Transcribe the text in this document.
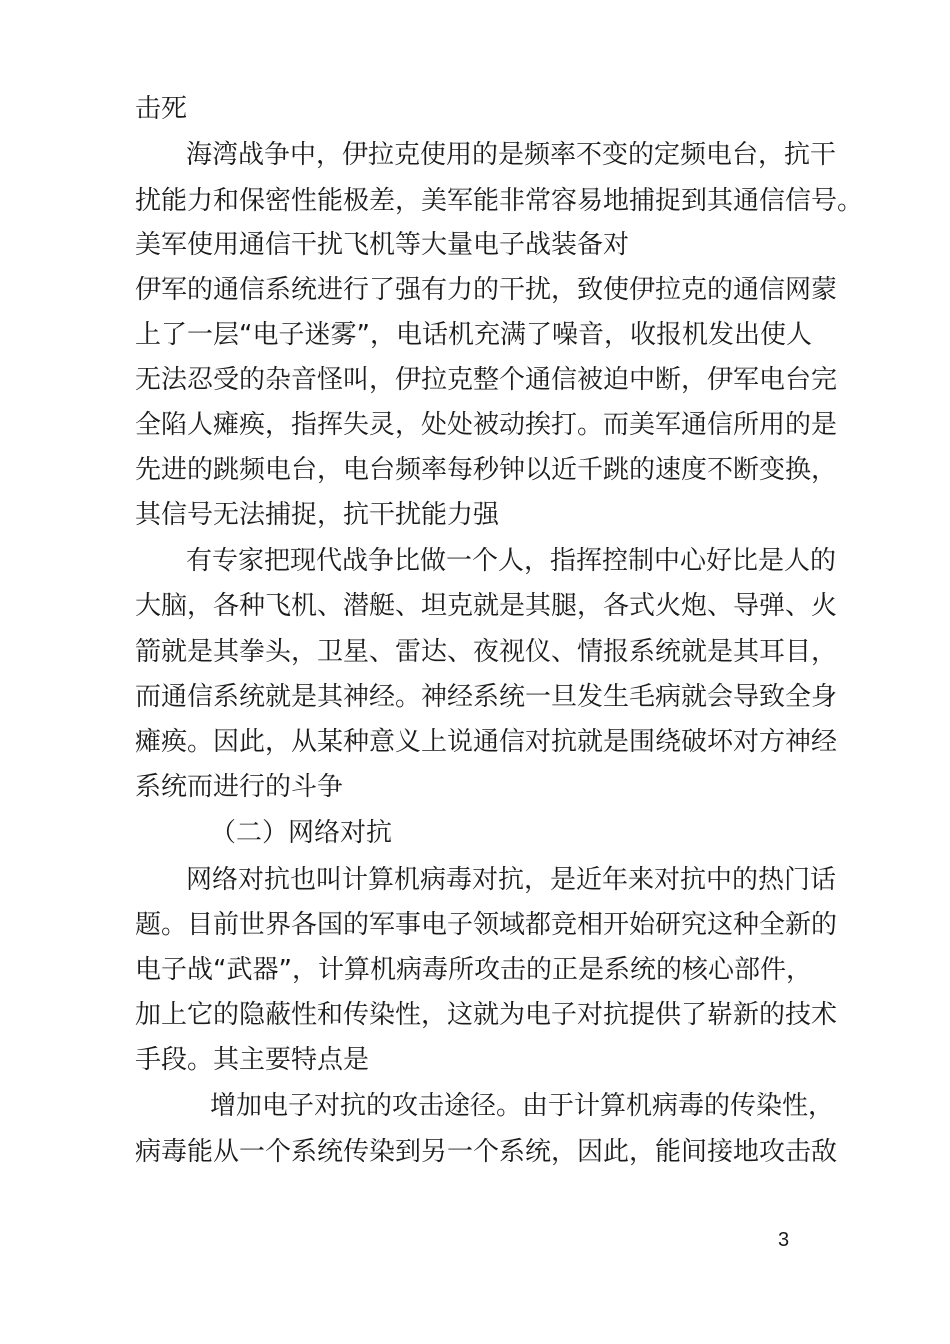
击死
海湾战争中，伊拉克使用的是频率不变的定频电台，抗干
扰能力和保密性能极差，美军能非常容易地捕捉到其通信信号。
美军使用通信干扰飞机等大量电子战装备对
伊军的通信系统进行了强有力的干扰，致使伊拉克的通信网蒙
上了一层“电子迷雾”，电话机充满了噪音，收报机发出使人
无法忍受的杂音怪叫，伊拉克整个通信被迫中断，伊军电台完
全陷人瘫痪，指挥失灵，处处被动挨打。而美军通信所用的是
先进的跳频电台，电台频率每秒钟以近千跳的速度不断变换，
其信号无法捕捉，抗干扰能力强
有专家把现代战争比做一个人，指挥控制中心好比是人的
大脑，各种飞机、潜艇、坦克就是其腿，各式火炮、导弹、火
箭就是其拳头，卫星、雷达、夜视仪、情报系统就是其耳目，
而通信系统就是其神经。神经系统一旦发生毛病就会导致全身
瘫痪。因此，从某种意义上说通信对抗就是围绕破坏对方神经
系统而进行的斗争
（二）网络对抗
网络对抗也叫计算机病毒对抗，是近年来对抗中的热门话
题。目前世界各国的军事电子领域都竞相开始研究这种全新的
电子战“武器”，计算机病毒所攻击的正是系统的核心部件，
加上它的隐蔽性和传染性，这就为电子对抗提供了崭新的技术
手段。其主要特点是
增加电子对抗的攻击途径。由于计算机病毒的传染性，
病毒能从一个系统传染到另一个系统，因此，能间接地攻击敌
3
